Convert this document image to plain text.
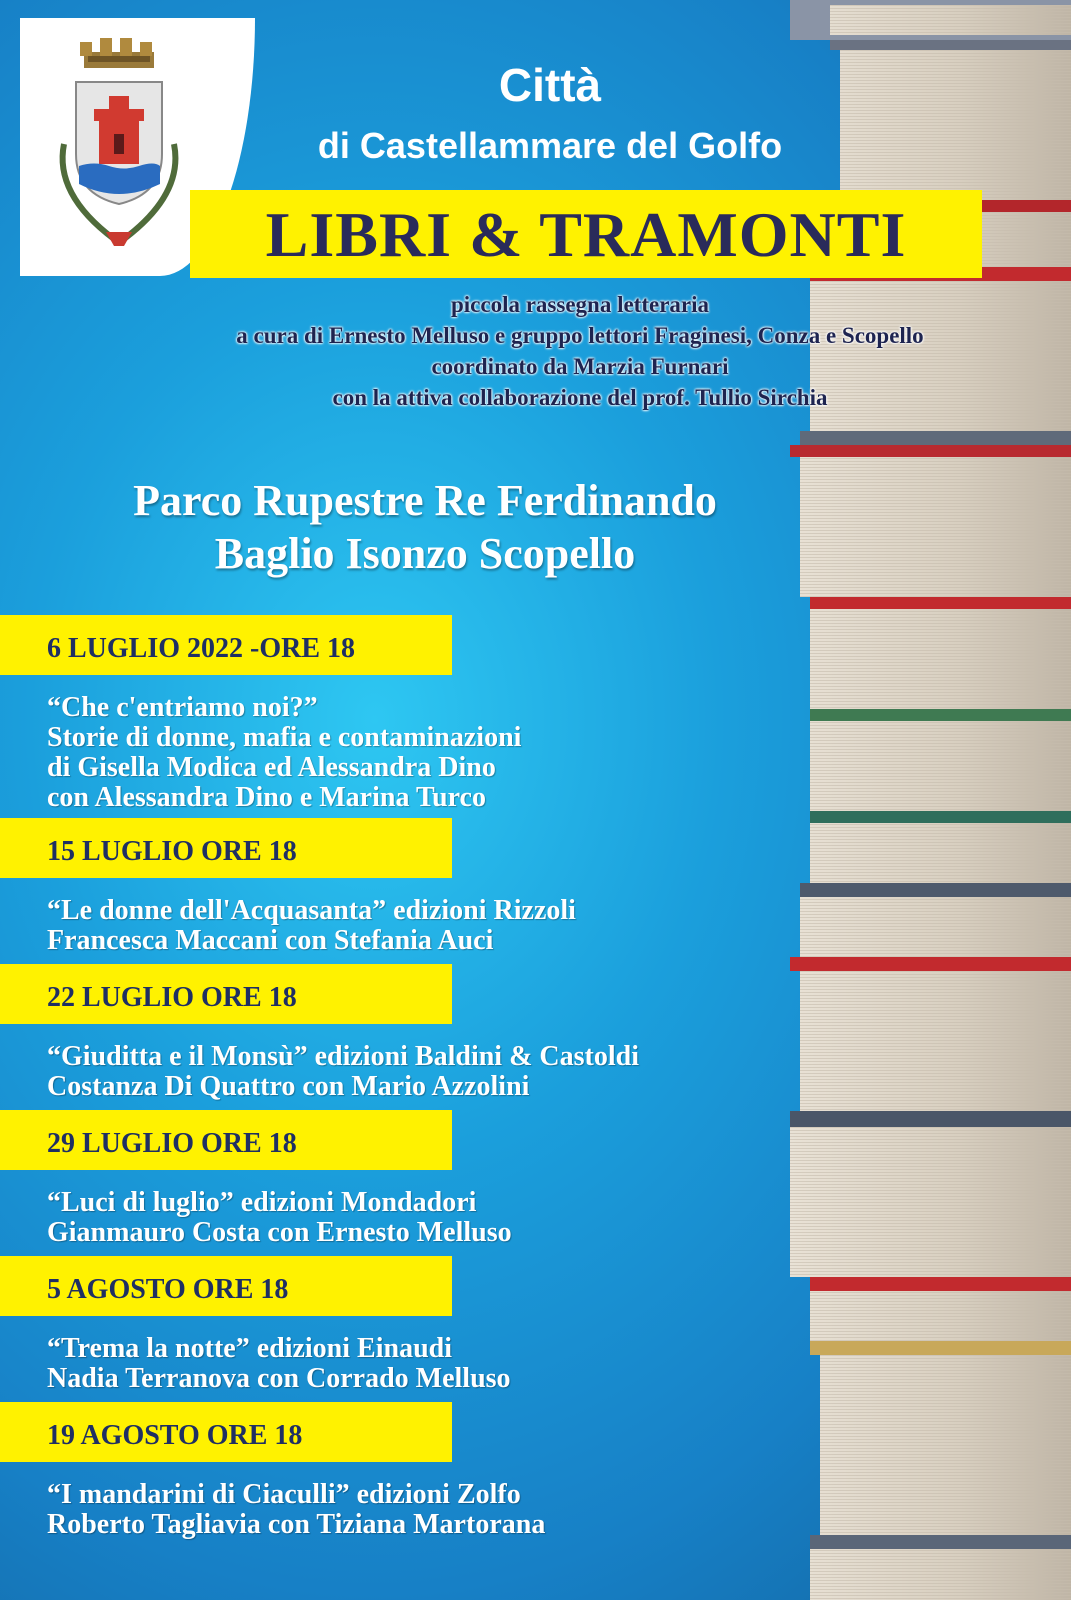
Città
di Castellammare del Golfo
LIBRI & TRAMONTI
piccola rassegna letteraria
a cura di Ernesto Melluso e gruppo lettori Fraginesi, Conza e Scopello
coordinato da Marzia Furnari
con la attiva collaborazione del prof. Tullio Sirchia
Parco Rupestre Re Ferdinando
Baglio Isonzo Scopello
6 LUGLIO 2022 -ORE 18
“Che c'entriamo noi?”
Storie di donne, mafia e contaminazioni
di Gisella Modica ed Alessandra Dino
con Alessandra Dino e Marina Turco
15 LUGLIO ORE 18
“Le donne dell'Acquasanta” edizioni Rizzoli
Francesca Maccani con Stefania Auci
22 LUGLIO ORE 18
“Giuditta e il Monsù” edizioni Baldini & Castoldi
Costanza Di Quattro con Mario Azzolini
29 LUGLIO ORE 18
“Luci di luglio” edizioni Mondadori
Gianmauro Costa con Ernesto Melluso
5 AGOSTO ORE 18
“Trema la notte” edizioni Einaudi
Nadia Terranova con Corrado Melluso
19 AGOSTO ORE 18
“I mandarini di Ciaculli” edizioni Zolfo
Roberto Tagliavia con Tiziana Martorana
